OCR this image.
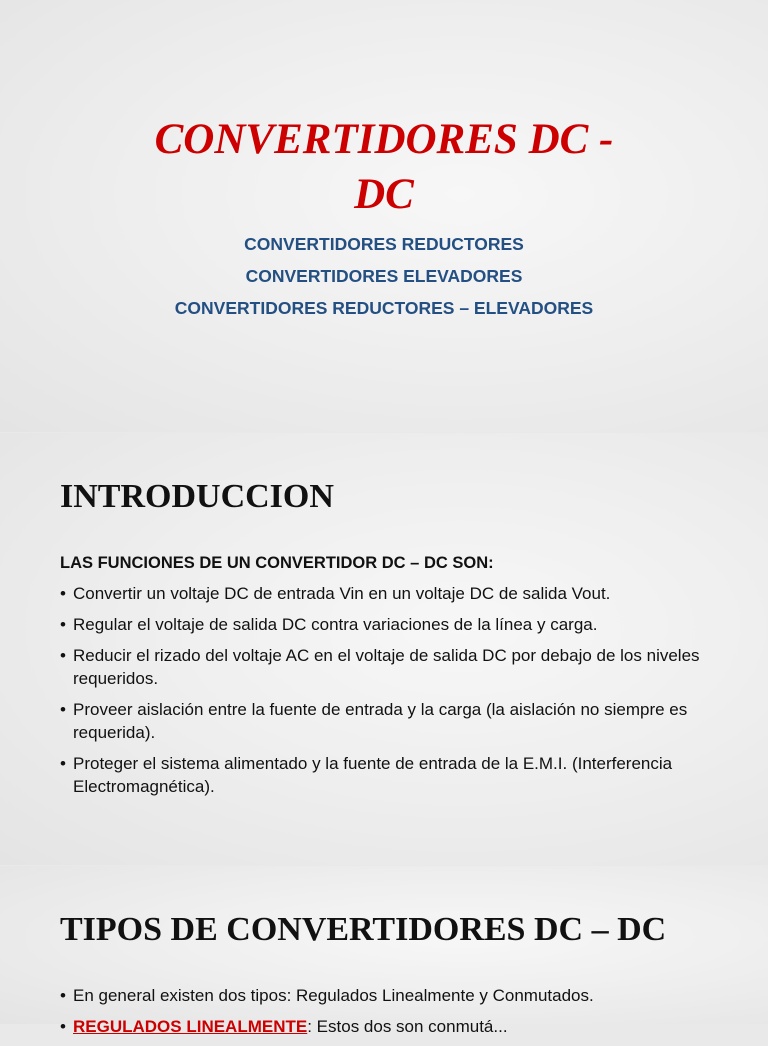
CONVERTIDORES DC -
DC
CONVERTIDORES REDUCTORES
CONVERTIDORES ELEVADORES
CONVERTIDORES REDUCTORES – ELEVADORES
INTRODUCCION
LAS FUNCIONES DE UN CONVERTIDOR DC – DC SON:
• Convertir un voltaje DC de entrada Vin en un voltaje DC de salida Vout.
• Regular el voltaje de salida DC contra variaciones de la línea y carga.
• Reducir el rizado del voltaje AC en el voltaje de salida DC por debajo de los niveles requeridos.
• Proveer aislación entre la fuente de entrada y la carga (la aislación no siempre es requerida).
• Proteger el sistema alimentado y la fuente de entrada de la E.M.I. (Interferencia Electromagnética).
TIPOS DE CONVERTIDORES DC – DC
• En general existen dos tipos: Regulados Linealmente y Conmutados.
• REGULADOS LINEALMENTE: Estos dos son conmutá...
